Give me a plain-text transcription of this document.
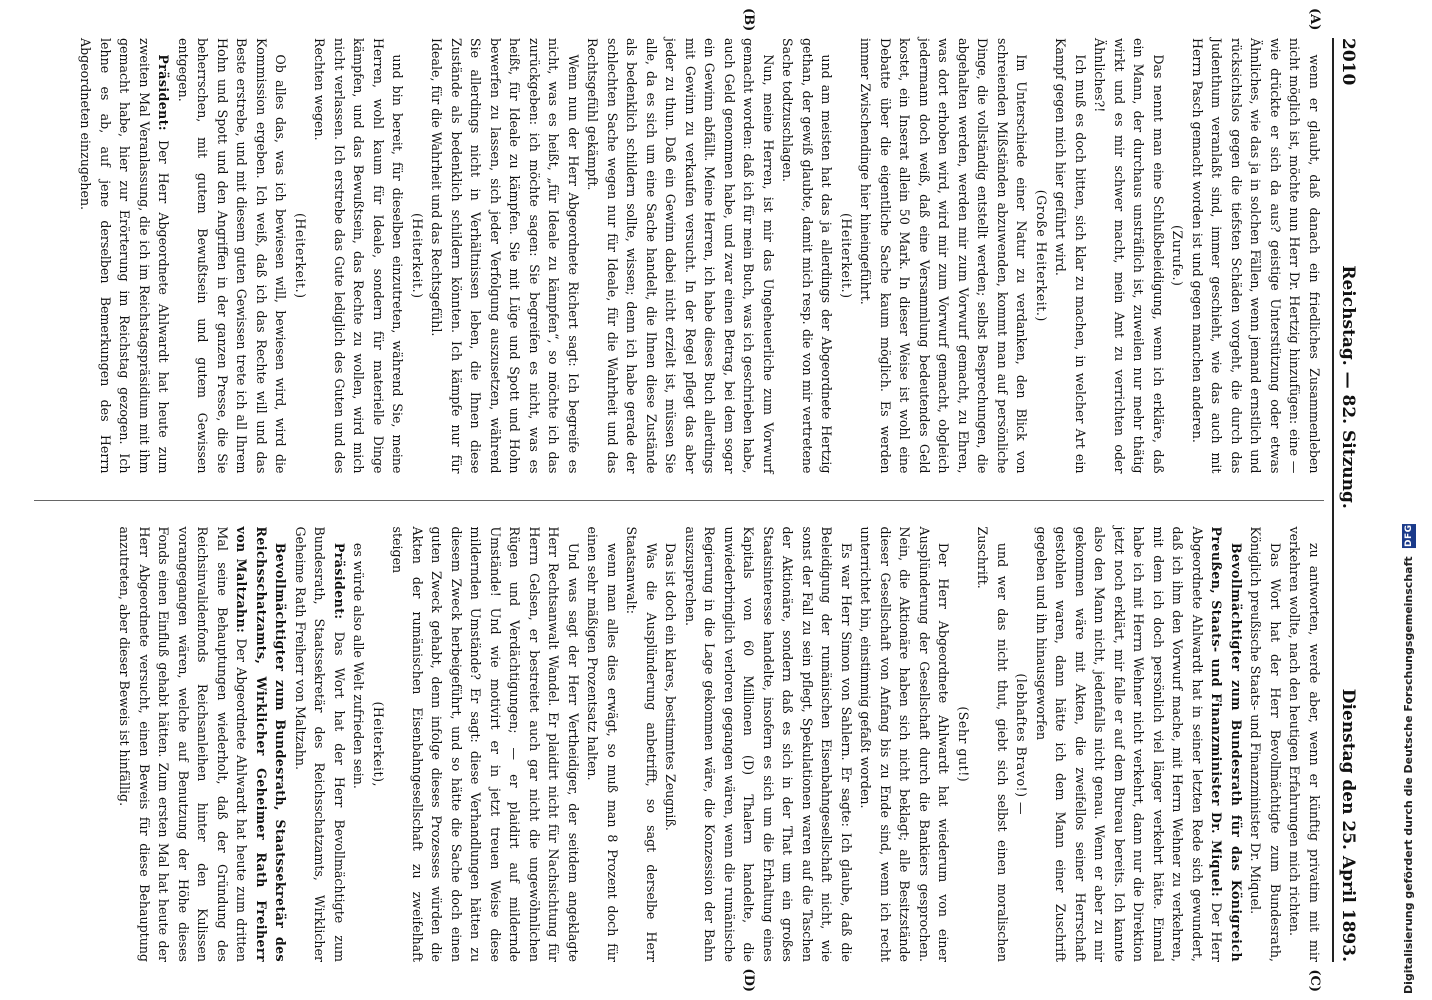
2010
Reichstag. — 82. Sitzung.
Dienstag den 25. April 1893.
(A)
(B)

wenn er glaubt, daß danach ein friedliches Zusammenleben nicht möglich ist, möchte nun Herr Dr. Hertzig hinzufügen: eine — wie drückte er sich da aus? geistige Unterstützung oder etwas Ähnliches, wie das ja in solchen Fällen, wenn jemand ernstlich und rücksichtslos gegen die tiefsten Schäden vorgeht, die durch das Judenthum veranlaßt sind, immer geschieht, wie das auch mit Herrn Pasch gemacht worden ist und gegen manchen anderen.

(Zurufe.)

Das nennt man eine Schlußbeleidigung, wenn ich erkläre, daß ein Mann, der durchaus unsträflich ist, zuweilen nur mehr thätig wirkt und es mir schwer macht, mein Amt zu verrichten oder Ähnliches?!

Ich muß es doch bitten, sich klar zu machen, in welcher Art ein Kampf gegen mich hier geführt wird.

(Große Heiterkeit.)

Im Unterschiede einer Natur zu verdanken, den Blick von schreienden Mißständen abzuwenden, kommt man auf persönliche Dinge, die vollständig entstellt werden; selbst Besprechungen, die abgehalten werden, werden mir zum Vorwurf gemacht, zu Ehren, was dort erhoben wird, wird mir zum Vorwurf gemacht, obgleich jedermann doch weiß, daß eine Versammlung bedeutendes Geld kostet, ein Inserat allein 50 Mark. In dieser Weise ist wohl eine Debatte über die eigentliche Sache kaum möglich. Es werden immer Zwischendinge hier hineingeführt.

(Heiterkeit.)

und am meisten hat das ja allerdings der Abgeordnete Hertzig gethan, der gewiß glaubte, damit mich resp. die von mir vertretene Sache todtzuschlagen.

Nun, meine Herren, ist mir das Ungeheuerliche zum Vorwurf gemacht worden: daß ich für mein Buch, was ich geschrieben habe, auch Geld genommen habe, und zwar einen Betrag, bei dem sogar ein Gewinn abfällt. Meine Herren, ich habe dieses Buch allerdings mit Gewinn zu verkaufen versucht. In der Regel pflegt das aber jeder zu thun. Daß ein Gewinn dabei nicht erzielt ist, müssen Sie alle, da es sich um eine Sache handelt, die Ihnen diese Zustände als bedenklich schildern sollte, wissen; denn ich habe gerade der schlechten Sache wegen nur für Ideale, für die Wahrheit und das Rechtsgefühl gekämpft.

Wenn nun der Herr Abgeordnete Richert sagt: Ich begreife es nicht, was es heißt, „für Ideale zu kämpfen“, so möchte ich das zurückgeben: ich möchte sagen: Sie begreifen es nicht, was es heißt, für Ideale zu kämpfen. Sie mit Lüge und Spott und Hohn bewerfen zu lassen, sich jeder Verfolgung auszusetzen, während Sie allerdings nicht in Verhältnissen leben, die Ihnen diese Zustände als bedenklich schildern könnten. Ich kämpfe nur für Ideale, für die Wahrheit und das Rechtsgefühl.

(Heiterkeit.)

und bin bereit, für dieselben einzutreten, während Sie, meine Herren, wohl kaum für Ideale, sondern für materielle Dinge kämpfen, und das Bewußtsein, das Rechte zu wollen, wird mich nicht verlassen. Ich erstrebe das Gute lediglich des Guten und des Rechten wegen.

(Heiterkeit.)

Ob alles das, was ich bewiesen will, bewiesen wird, wird die Kommission ergeben. Ich weiß, daß ich das Rechte will und das Beste erstrebe, und mit diesem guten Gewissen trete ich all Ihrem Hohn und Spott und den Angriffen in der ganzen Presse, die Sie beherrschen, mit gutem Bewußtsein und gutem Gewissen entgegen.

Präsident: Der Herr Abgeordnete Ahlwardt hat heute zum zweiten Mal Veranlassung, die ich im Reichstagspräsidium mit ihm gemacht habe, hier zur Erörterung im Reichstag gezogen. Ich lehne es ab, auf jene derselben Bemerkungen des Herrn Abgeordneten einzugehen.

(C)
(D)

zu antworten, werde aber, wenn er künftig privatim mit mir verkehren wollte, nach den heutigen Erfahrungen mich richten.

Das Wort hat der Herr Bevollmächtigte zum Bundesrath, Königlich preußische Staats- und Finanzminister Dr. Miquel.

Bevollmächtigter zum Bundesrath für das Königreich Preußen, Staats- und Finanzminister Dr. Miquel: Der Herr Abgeordnete Ahlwardt hat in seiner letzten Rede sich gewundert, daß ich ihm den Vorwurf mache, mit Herrn Wehner zu verkehren, mit dem ich doch persönlich viel länger verkehrt hätte. Einmal habe ich mit Herrn Wehner nicht verkehrt, dann nur die Direktion jetzt noch erklärt, mir falle er auf dem Bureau bereits. Ich kannte also den Mann nicht, jedenfalls nicht genau. Wenn er aber zu mir gekommen wäre mit Akten, die zweifellos seiner Herrschaft gestohlen waren, dann hätte ich dem Mann einer Zuschrift gegeben und ihn hinausgeworfen

(lebhaftes Bravo!) —

und wer das nicht thut, giebt sich selbst einen moralischen Zuschrift.

(Sehr gut!)

Der Herr Abgeordnete Ahlwardt hat wiederum von einer Ausplünderung der Gesellschaft durch die Bankiers gesprochen. Nein, die Aktionäre haben sich nicht beklagt; alle Besitzstände dieser Gesellschaft von Anfang bis zu Ende sind, wenn ich recht unterrichtet bin, einstimmig gefaßt worden.

Es war Herr Simon von Sahlern. Er sagte: Ich glaube, daß die Beleidigung der rumänischen Eisenbahngesellschaft nicht, wie sonst der Fall zu sein pflegt, Spekulationen waren auf die Taschen der Aktionäre, sondern daß es sich in der That um ein großes Staatsinteresse handelte, insofern es sich um die Erhaltung eines Kapitals von 60 Millionen (D) Thalern handelte, die unwiederbringlich verloren gegangen wären, wenn die rumänische Regierung in die Lage gekommen wäre, die Konzession der Bahn auszusprechen.

Das ist doch ein klares, bestimmtes Zeugniß.

Was die Ausplünderung anbetrifft, so sagt derselbe Herr Staatsanwalt:

wenn man alles dies erwägt, so muß man 8 Prozent doch für einen sehr mäßigen Prozentsatz halten.

Und was sagt der Herr Vertheidiger, der seitdem angeklagte Herr Rechtsanwalt Wandel. Er plaidirt nicht für Nachsichtung für Herrn Gelsen, er bestreitet auch gar nicht die ungewöhnlichen Rügen und Verdächtigungen; — er plaidirt auf mildernde Umstände! Und wie motivirt er in jetzt treuen Weise diese mildernden Umstände? Er sagt: diese Verhandlungen hätten zu diesem Zweck herbeigeführt, und so hätte die Sache doch einen guten Zweck gehabt, denn infolge dieses Prozesses würden die Akten der rumänischen Eisenbahngesellschaft zu zweifelhaft steigen

(Heiterkeit),

es würde also alle Welt zufrieden sein.

Präsident: Das Wort hat der Herr Bevollmächtigte zum Bundesrath, Staatssekretär des Reichsschatzamts, Wirklicher Geheime Rath Freiherr von Maltzahn.

Bevollmächtigter zum Bundesrath, Staatssekretär des Reichsschatzamts, Wirklicher Geheimer Rath Freiherr von Maltzahn: Der Abgeordnete Ahlwardt hat heute zum dritten Mal seine Behauptungen wiederholt, daß der Gründung des Reichsinvalidenfonds Reichsanleihen hinter den Kulissen vorangegangen wären, welche auf Benutzung der Höhe dieses Fonds einen Einfluß gehabt hätten. Zum ersten Mal hat heute der Herr Abgeordnete versucht, einen Beweis für diese Behauptung anzutreten, aber dieser Beweis ist hinfällig.	Digitalisierung gefördert durch die Deutsche Forschungsgemeinschaft DFG
